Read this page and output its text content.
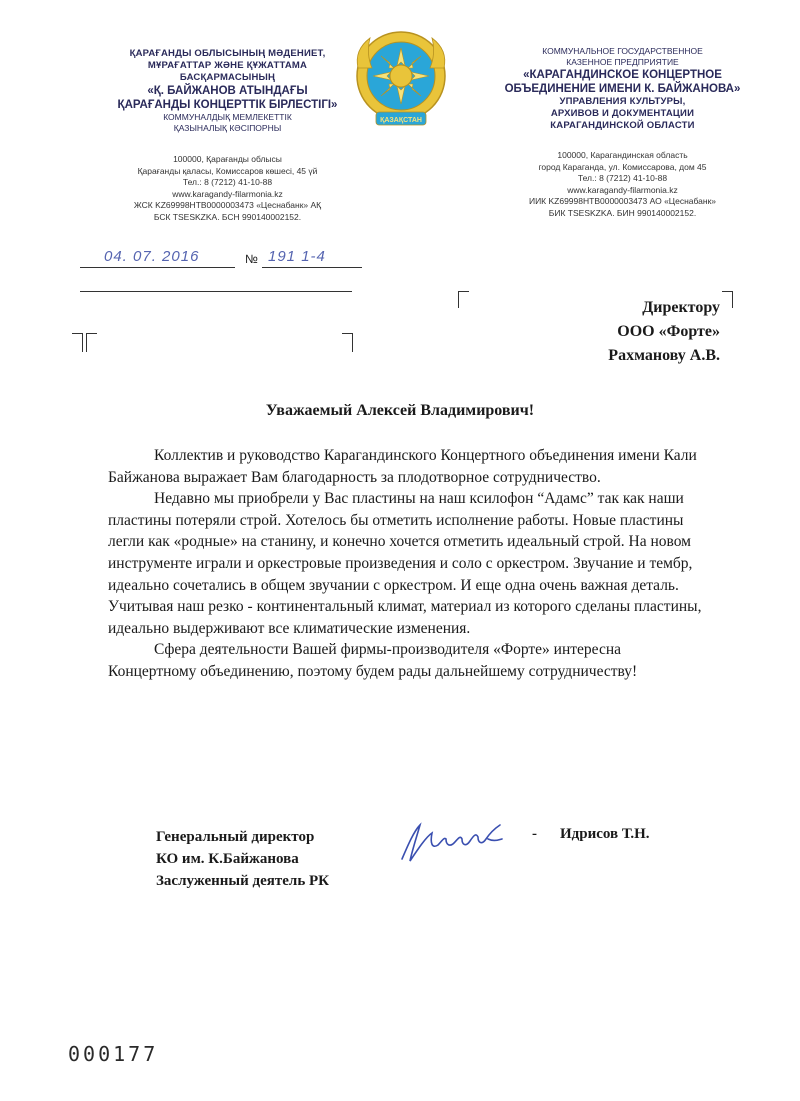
ҚАРАҒАНДЫ ОБЛЫСЫНЫҢ МӘДЕНИЕТ,
МҰРАҒАТТАР ЖӘНЕ ҚҰЖАТТАМА
БАСҚАРМАСЫНЫҢ
«Қ. БАЙЖАНОВ АТЫНДАҒЫ
ҚАРАҒАНДЫ КОНЦЕРТТІК БІРЛЕСТІГІ»
КОММУНАЛДЫҚ МЕМЛЕКЕТТІК
ҚАЗЫНАЛЫҚ КӘСІПОРНЫ
100000, Қарағанды облысы
Қарағанды қаласы, Комиссаров көшесі, 45 үй
Тел.: 8 (7212) 41-10-88
www.karagandy-filarmonia.kz
ЖСК KZ69998НТВ0000003473 «Цеснабанк» АҚ
БСК TSESKZKA. БСН 990140002152.
ҚАЗАҚСТАН
КОММУНАЛЬНОЕ ГОСУДАРСТВЕННОЕ
КАЗЕННОЕ ПРЕДПРИЯТИЕ
«КАРАГАНДИНСКОЕ КОНЦЕРТНОЕ
ОБЪЕДИНЕНИЕ ИМЕНИ К. БАЙЖАНОВА»
УПРАВЛЕНИЯ КУЛЬТУРЫ,
АРХИВОВ И ДОКУМЕНТАЦИИ
КАРАГАНДИНСКОЙ ОБЛАСТИ
100000, Карагандинская область
город Караганда, ул. Комиссарова, дом 45
Тел.: 8 (7212) 41-10-88
www.karagandy-filarmonia.kz
ИИК KZ69998НТВ0000003473 АО «Цеснабанк»
БИК TSESKZKA. БИН 990140002152.
04. 07. 2016	№ 191 1-4
Директору
ООО «Форте»
Рахманову А.В.
Уважаемый Алексей Владимирович!

Коллектив и руководство Карагандинского Концертного объединения имени Кали Байжанова выражает Вам благодарность за плодотворное сотрудничество.

Недавно мы приобрели у Вас пластины на наш ксилофон “Адамс” так как наши пластины потеряли строй. Хотелось бы отметить исполнение работы. Новые пластины легли как «родные» на станину, и конечно хочется отметить идеальный строй. На новом инструменте играли и оркестровые произведения и соло с оркестром. Звучание и тембр, идеально сочетались в общем звучании с оркестром. И еще одна очень важная деталь. Учитывая наш резко - континентальный климат, материал из которого сделаны пластины, идеально выдерживают все климатические изменения.

Сфера деятельности Вашей фирмы-производителя «Форте» интересна Концертному объединению, поэтому будем рады дальнейшему сотрудничеству!

Генеральный директор
КО им. К.Байжанова
Заслуженный деятель РК
- Идрисов Т.Н.
000177
